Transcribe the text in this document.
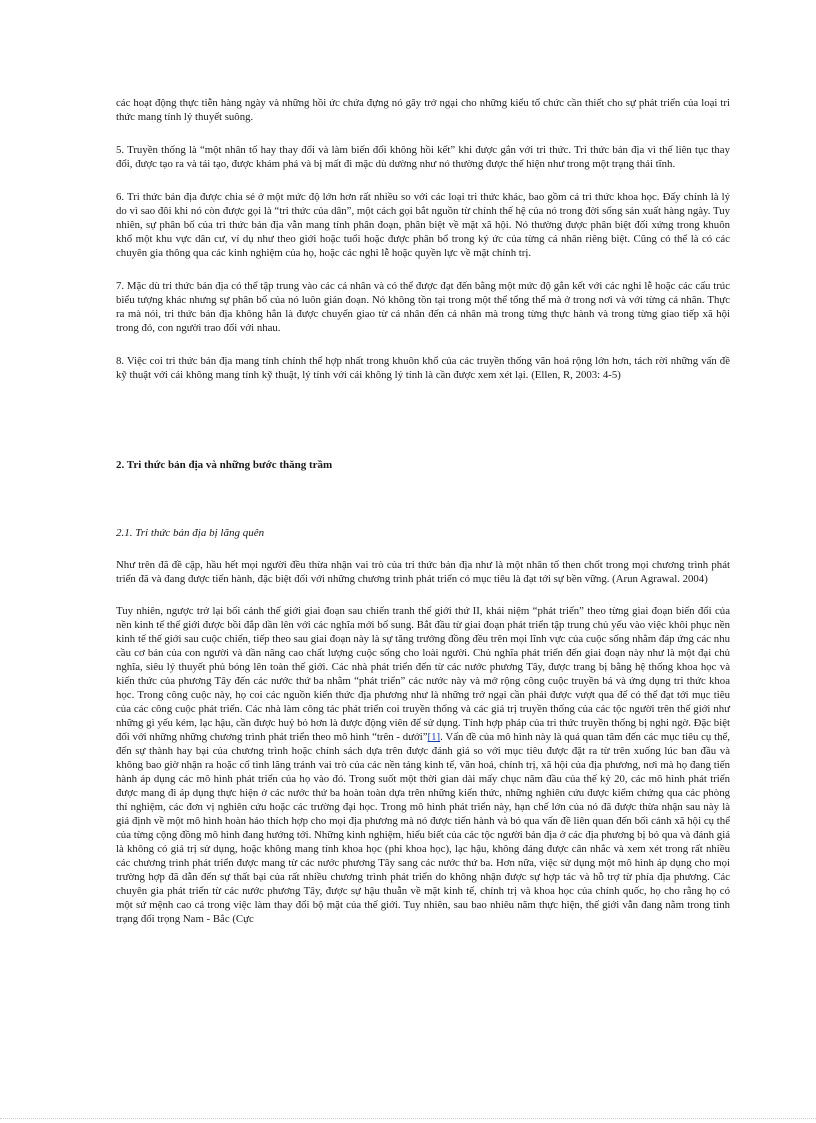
các hoạt động thực tiễn hàng ngày và những hồi ức chứa đựng nó gây trở ngại cho những kiểu tổ chức cần thiết cho sự phát triển của loại tri thức mang tính lý thuyết suông.

5. Truyền thống là “một nhân tố hay thay đổi và làm biến đổi không hồi kết” khi được gắn với tri thức. Tri thức bản địa vì thế liên tục thay đổi, được tạo ra và tái tạo, được khám phá và bị mất đi mặc dù dường như nó thường được thể hiện như trong một trạng thái tĩnh.

6. Tri thức bản địa được chia sẻ ở một mức độ lớn hơn rất nhiều so với các loại tri thức khác, bao gồm cả tri thức khoa học. Đấy chính là lý do vì sao đôi khi nó còn được gọi là “tri thức của dân”, một cách gọi bắt nguồn từ chính thế hệ của nó trong đời sống sản xuất hàng ngày. Tuy nhiên, sự phân bố của tri thức bản địa vẫn mang tính phân đoạn, phân biệt về mặt xã hội. Nó thường được phân biệt đối xứng trong khuôn khổ một khu vực dân cư, ví dụ như theo giới hoặc tuổi hoặc được phân bổ trong ký ức của từng cá nhân riêng biệt. Cũng có thể là có các chuyên gia thông qua các kinh nghiệm của họ, hoặc các nghi lễ hoặc quyền lực về mặt chính trị.

7. Mặc dù tri thức bản địa có thể tập trung vào các cá nhân và có thể được đạt đến bằng một mức độ gắn kết với các nghi lễ hoặc các cấu trúc biểu tượng khác nhưng sự phân bố của nó luôn gián đoạn. Nó không tồn tại trong một thể tổng thể mà ở trong nơi và với từng cá nhân. Thực ra mà nói, tri thức bản địa không hẳn là được chuyển giao từ cá nhân đến cá nhân mà trong từng thực hành và trong từng giao tiếp xã hội trong đó, con người trao đổi với nhau.

8. Việc coi tri thức bản địa mang tính chỉnh thể hợp nhất trong khuôn khổ của các truyền thống văn hoá rộng lớn hơn, tách rời những vấn đề kỹ thuật với cái không mang tính kỹ thuật, lý tính với cái không lý tính là cần được xem xét lại. (Ellen, R, 2003: 4-5)

2. Tri thức bản địa và những bước thăng trầm

2.1. Tri thức bản địa bị lãng quên

Như trên đã đề cập, hầu hết mọi người đều thừa nhận vai trò của tri thức bản địa như là một nhân tố then chốt trong mọi chương trình phát triển đã và đang được tiến hành, đặc biệt đối với những chương trình phát triển có mục tiêu là đạt tới sự bền vững. (Arun Agrawal. 2004)

Tuy nhiên, ngược trở lại bối cảnh thế giới giai đoạn sau chiến tranh thế giới thứ II, khái niệm “phát triển” theo từng giai đoạn biến đổi của nền kinh tế thế giới được bồi đắp dần lên với các nghĩa mới bổ sung. Bắt đầu từ giai đoạn phát triển tập trung chủ yếu vào việc khôi phục nền kinh tế thế giới sau cuộc chiến, tiếp theo sau giai đoạn này là sự tăng trưởng đồng đều trên mọi lĩnh vực của cuộc sống nhằm đáp ứng các nhu cầu cơ bản của con người và dần nâng cao chất lượng cuộc sống cho loài người. Chủ nghĩa phát triển đến giai đoạn này như là một đại chủ nghĩa, siêu lý thuyết phủ bóng lên toàn thế giới. Các nhà phát triển đến từ các nước phương Tây, được trang bị bằng hệ thống khoa học và kiến thức của phương Tây đến các nước thứ ba nhằm “phát triển” các nước này và mở rộng công cuộc truyền bá và ứng dụng tri thức khoa học. Trong công cuộc này, họ coi các nguồn kiến thức địa phương như là những trở ngại cần phải được vượt qua để có thể đạt tới mục tiêu của các công cuộc phát triển. Các nhà làm công tác phát triển coi truyền thống và các giá trị truyền thống của các tộc người trên thế giới như những gì yếu kém, lạc hậu, cần được huỷ bỏ hơn là được động viên để sử dụng. Tính hợp pháp của tri thức truyền thống bị nghi ngờ. Đặc biệt đối với những những chương trình phát triển theo mô hình “trên - dưới”[1]. Vấn đề của mô hình này là quá quan tâm đến các mục tiêu cụ thể, đến sự thành hay bại của chương trình hoặc chính sách dựa trên được đánh giá so với mục tiêu được đặt ra từ trên xuống lúc ban đầu và không bao giờ nhận ra hoặc cố tình lãng tránh vai trò của các nền tảng kinh tế, văn hoá, chính trị, xã hội của địa phương, nơi mà họ đang tiến hành áp dụng các mô hình phát triển của họ vào đó. Trong suốt một thời gian dài mấy chục năm đầu của thế kỷ 20, các mô hình phát triển được mang đi áp dụng thực hiện ở các nước thứ ba hoàn toàn dựa trên những kiến thức, những nghiên cứu được kiểm chứng qua các phòng thí nghiệm, các đơn vị nghiên cứu hoặc các trường đại học. Trong mô hình phát triển này, hạn chế lớn của nó đã được thừa nhận sau này là giả định về một mô hình hoàn hảo thích hợp cho mọi địa phương mà nó được tiến hành và bỏ qua vấn đề liên quan đến bối cảnh xã hội cụ thể của từng cộng đồng mô hình đang hướng tới. Những kinh nghiệm, hiểu biết của các tộc người bản địa ở các địa phương bị bỏ qua và đánh giá là không có giá trị sử dụng, hoặc không mang tính khoa học (phi khoa học), lạc hậu, không đáng được cân nhắc và xem xét trong rất nhiều các chương trình phát triển được mang từ các nước phương Tây sang các nước thứ ba. Hơn nữa, việc sử dụng một mô hình áp dụng cho mọi trường hợp đã dẫn đến sự thất bại của rất nhiều chương trình phát triển do không nhận được sự hợp tác và hỗ trợ từ phía địa phương. Các chuyên gia phát triển từ các nước phương Tây, được sự hậu thuẫn về mặt kinh tế, chính trị và khoa học của chính quốc, họ cho rằng họ có một sứ mệnh cao cả trong việc làm thay đổi bộ mặt của thế giới. Tuy nhiên, sau bao nhiêu năm thực hiện, thế giới vẫn đang nằm trong tình trạng đối trọng Nam - Bắc (Cực
